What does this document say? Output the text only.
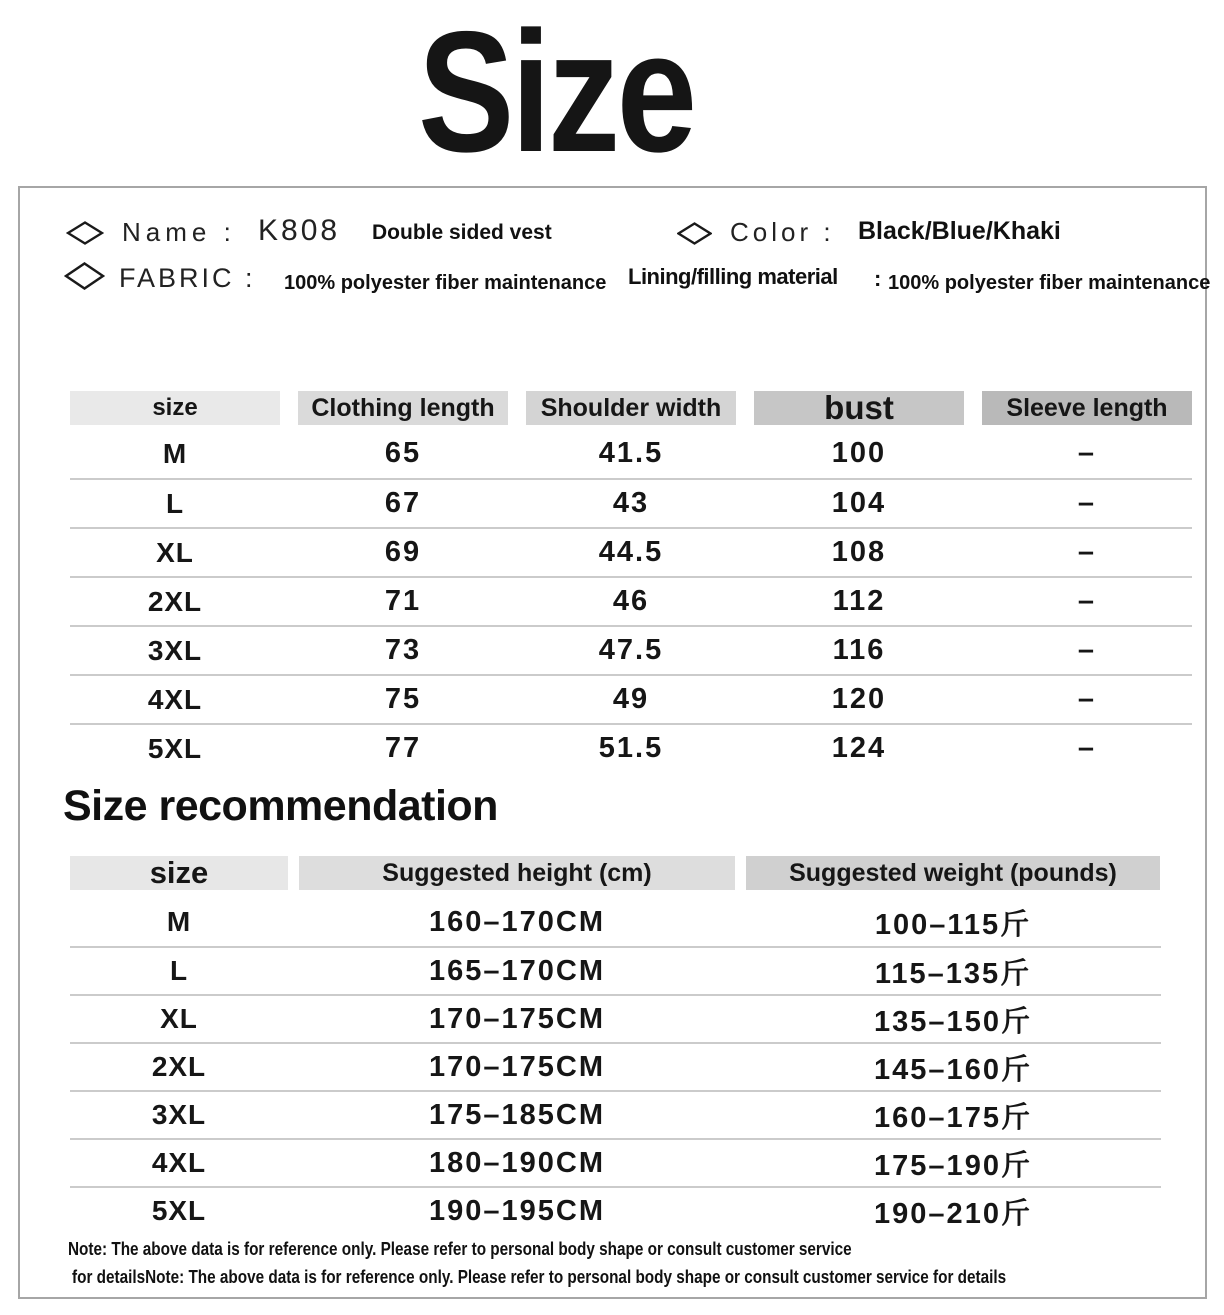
Size
Name : K808 Double sided vest	Color : Black/Blue/Khaki
FABRIC : 100% polyester fiber maintenance Lining/filling material : 100% polyester fiber maintenance
size	Clothing length	Shoulder width	bust	Sleeve length
M	65	41.5	100	–
L	67	43	104	–
XL	69	44.5	108	–
2XL	71	46	112	–
3XL	73	47.5	116	–
4XL	75	49	120	–
5XL	77	51.5	124	–
Size recommendation
size	Suggested height (cm)	Suggested weight (pounds)
M	160–170CM	100–115斤
L	165–170CM	115–135斤
XL	170–175CM	135–150斤
2XL	170–175CM	145–160斤
3XL	175–185CM	160–175斤
4XL	180–190CM	175–190斤
5XL	190–195CM	190–210斤
Note: The above data is for reference only. Please refer to personal body shape or consult customer service
for detailsNote: The above data is for reference only. Please refer to personal body shape or consult customer service for details
